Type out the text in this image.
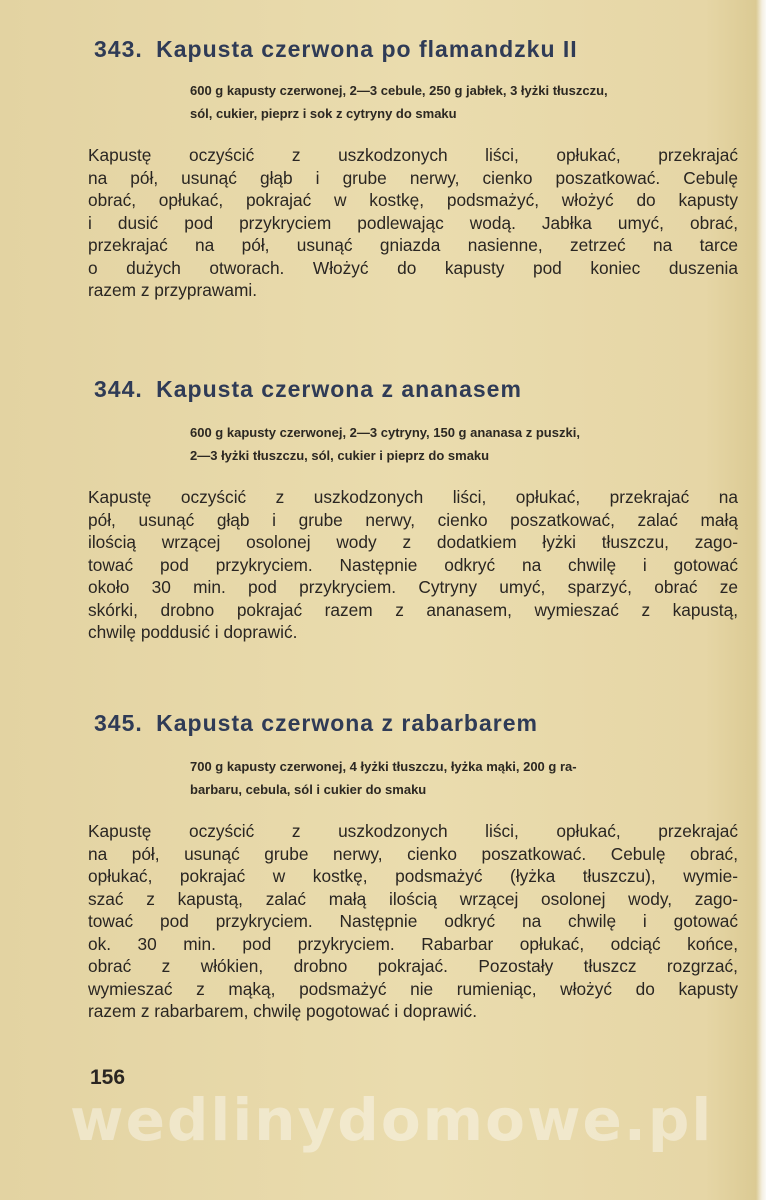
343. Kapusta czerwona po flamandzku II
600 g kapusty czerwonej, 2—3 cebule, 250 g jabłek, 3 łyżki tłuszczu,
sól, cukier, pieprz i sok z cytryny do smaku
Kapustę oczyścić z uszkodzonych liści, opłukać, przekrajać
na pół, usunąć głąb i grube nerwy, cienko poszatkować. Cebulę
obrać, opłukać, pokrajać w kostkę, podsmażyć, włożyć do kapusty
i dusić pod przykryciem podlewając wodą. Jabłka umyć, obrać,
przekrajać na pół, usunąć gniazda nasienne, zetrzeć na tarce
o dużych otworach. Włożyć do kapusty pod koniec duszenia
razem z przyprawami.
344. Kapusta czerwona z ananasem
600 g kapusty czerwonej, 2—3 cytryny, 150 g ananasa z puszki,
2—3 łyżki tłuszczu, sól, cukier i pieprz do smaku
Kapustę oczyścić z uszkodzonych liści, opłukać, przekrajać na
pół, usunąć głąb i grube nerwy, cienko poszatkować, zalać małą
ilością wrzącej osolonej wody z dodatkiem łyżki tłuszczu, zago-
tować pod przykryciem. Następnie odkryć na chwilę i gotować
około 30 min. pod przykryciem. Cytryny umyć, sparzyć, obrać ze
skórki, drobno pokrajać razem z ananasem, wymieszać z kapustą,
chwilę poddusić i doprawić.
345. Kapusta czerwona z rabarbarem
700 g kapusty czerwonej, 4 łyżki tłuszczu, łyżka mąki, 200 g ra-
barbaru, cebula, sól i cukier do smaku
Kapustę oczyścić z uszkodzonych liści, opłukać, przekrajać
na pół, usunąć grube nerwy, cienko poszatkować. Cebulę obrać,
opłukać, pokrajać w kostkę, podsmażyć (łyżka tłuszczu), wymie-
szać z kapustą, zalać małą ilością wrzącej osolonej wody, zago-
tować pod przykryciem. Następnie odkryć na chwilę i gotować
ok. 30 min. pod przykryciem. Rabarbar opłukać, odciąć końce,
obrać z włókien, drobno pokrajać. Pozostały tłuszcz rozgrzać,
wymieszać z mąką, podsmażyć nie rumieniąc, włożyć do kapusty
razem z rabarbarem, chwilę pogotować i doprawić.
156
wedlinydomowe.pl
